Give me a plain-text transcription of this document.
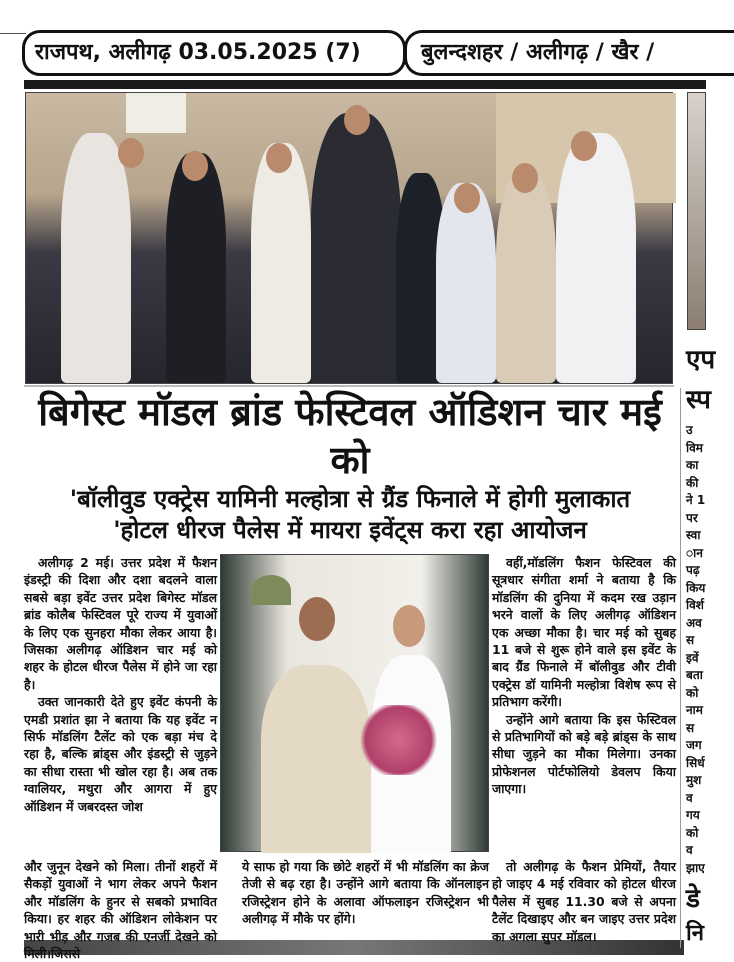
राजपथ, अलीगढ़ 03.05.2025 (7)	बुलन्दशहर / अलीगढ़ / खैर /
बिगेस्ट मॉडल ब्रांड फेस्टिवल ऑडिशन चार मई को
'बॉलीवुड एक्ट्रेस यामिनी मल्होत्रा से ग्रैंड फिनाले में होगी मुलाकात
'होटल धीरज पैलेस में मायरा इवेंट्स करा रहा आयोजन

अलीगढ़ 2 मई। उत्तर प्रदेश में फैशन इंडस्ट्री की दिशा और दशा बदलने वाला सबसे बड़ा इवेंट उत्तर प्रदेश बिगेस्ट मॉडल ब्रांड कोलैब फेस्टिवल पूरे राज्य में युवाओं के लिए एक सुनहरा मौका लेकर आया है। जिसका अलीगढ़ ऑडिशन चार मई को शहर के होटल धीरज पैलेस में होने जा रहा है।

उक्त जानकारी देते हुए इवेंट कंपनी के एमडी प्रशांत झा ने बताया कि यह इवेंट न सिर्फ मॉडलिंग टैलेंट को एक बड़ा मंच दे रहा है, बल्कि ब्रांड्स और इंडस्ट्री से जुड़ने का सीधा रास्ता भी खोल रहा है। अब तक ग्वालियर, मथुरा और आगरा में हुए ऑडिशन में जबरदस्त जोश

वहीं,मॉडलिंग फैशन फेस्टिवल की सूत्रधार संगीता शर्मा ने बताया है कि मॉडलिंग की दुनिया में कदम रख उड़ान भरने वालों के लिए अलीगढ़ ऑडिशन एक अच्छा मौका है। चार मई को सुबह 11 बजे से शुरू होने वाले इस इवेंट के बाद ग्रैंड फिनाले में बॉलीवुड और टीवी एक्ट्रेस डॉ यामिनी मल्होत्रा विशेष रूप से प्रतिभाग करेंगी।

उन्होंने आगे बताया कि इस फेस्टिवल से प्रतिभागियों को बड़े बड़े ब्रांड्स के साथ सीधा जुड़ने का मौका मिलेगा। उनका प्रोफेशनल पोर्टफोलियो डेवलप किया जाएगा।

और जुनून देखने को मिला। तीनों शहरों में सैकड़ों युवाओं ने भाग लेकर अपने फैशन और मॉडलिंग के हुनर से सबको प्रभावित किया। हर शहर की ऑडिशन लोकेशन पर भारी भीड़ और गजब की एनर्जी देखने को मिली।जिससे
ये साफ हो गया कि छोटे शहरों में भी मॉडलिंग का क्रेज तेजी से बढ़ रहा है। उन्होंने आगे बताया कि ऑनलाइन रजिस्ट्रेशन होने के अलावा ऑफलाइन रजिस्ट्रेशन भी अलीगढ़ में मौके पर होंगे।

तो अलीगढ़ के फैशन प्रेमियों, तैयार हो जाइए 4 मई रविवार को होटल धीरज पैलेस में सुबह 11.30 बजे से अपना टैलेंट दिखाइए और बन जाइए उत्तर प्रदेश का अगला सुपर मॉडल।

एप
स्प
उ
विम
का
की
ने 1
पर
स्वा
ान
पढ़
किय
विर्श
अव
स
इवें
बता
को
नाम
स
जग
सिर्ध
मुश
व
गय
को
व
झाए
डे
नि
